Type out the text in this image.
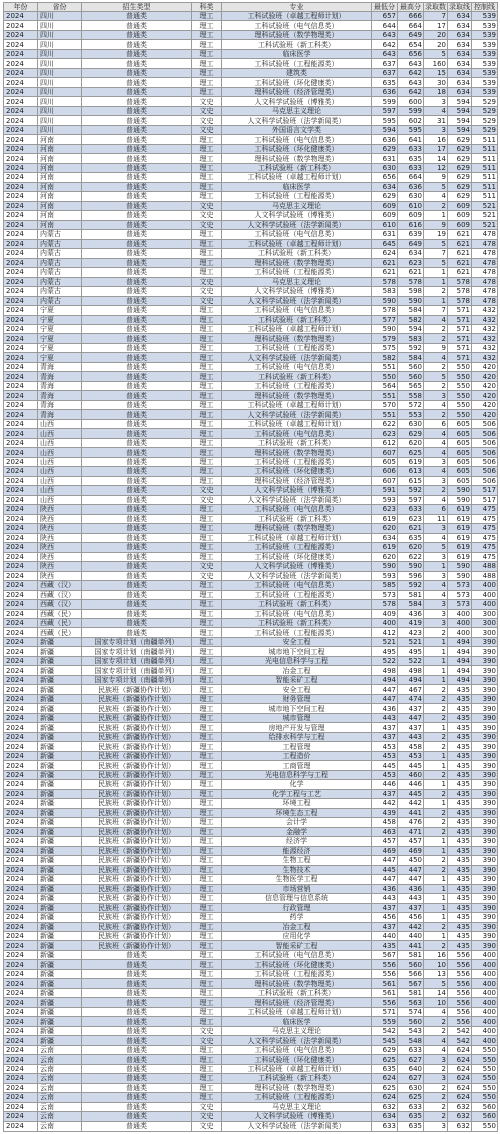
年份	省份	招生类型	科类	专业	最低分	最高分	录取数	录取线	控制线
2024	四川	普通类	理工	工科试验班（卓越工程师计划）	657	666	7	634	539
2024	四川	普通类	理工	工科试验班（电气信息类）	644	664	17	634	539
2024	四川	普通类	理工	理科试验班（数学物理类）	643	649	20	634	539
2024	四川	普通类	理工	工科试验班（新工科类）	642	654	20	634	539
2024	四川	普通类	理工	临床医学	643	656	5	634	539
2024	四川	普通类	理工	工科试验班（工程能源类）	637	643	160	634	539
2024	四川	普通类	理工	建筑类	637	642	15	634	539
2024	四川	普通类	理工	工科试验班（环化健康类）	635	643	30	634	539
2024	四川	普通类	理工	理科试验班（经济管理类）	636	642	18	634	539
2024	四川	普通类	文史	人文科学试验班（博雅类）	599	600	3	594	529
2024	四川	普通类	文史	马克思主义理论	597	599	4	594	529
2024	四川	普通类	文史	人文科学试验班（法学新闻类）	595	602	31	594	529
2024	四川	普通类	文史	外国语言文学类	594	595	3	594	529
2024	河南	普通类	理工	工科试验班（电气信息类）	636	641	16	629	511
2024	河南	普通类	理工	工科试验班（环化健康类）	629	633	17	629	511
2024	河南	普通类	理工	理科试验班（数学物理类）	631	635	14	629	511
2024	河南	普通类	理工	工科试验班（新工科类）	630	633	12	629	511
2024	河南	普通类	理工	工科试验班（卓越工程师计划）	656	664	9	629	511
2024	河南	普通类	理工	临床医学	634	636	5	629	511
2024	河南	普通类	理工	工科试验班（工程能源类）	629	630	4	629	511
2024	河南	普通类	文史	马克思主义理论	609	610	2	609	521
2024	河南	普通类	文史	人文科学试验班（博雅类）	609	609	1	609	521
2024	河南	普通类	文史	人文科学试验班（法学新闻类）	610	616	9	609	521
2024	内蒙古	普通类	理工	工科试验班（电气信息类）	631	639	19	621	478
2024	内蒙古	普通类	理工	工科试验班（卓越工程师计划）	645	649	5	621	478
2024	内蒙古	普通类	理工	工科试验班（新工科类）	624	634	7	621	478
2024	内蒙古	普通类	理工	理科试验班（数学物理类）	621	623	5	621	478
2024	内蒙古	普通类	理工	工科试验班（工程能源类）	621	621	1	621	478
2024	内蒙古	普通类	文史	马克思主义理论	578	578	1	578	478
2024	内蒙古	普通类	文史	人文科学试验班（博雅类）	583	598	2	578	478
2024	内蒙古	普通类	文史	人文科学试验班（法学新闻类）	590	590	1	578	478
2024	宁夏	普通类	理工	工科试验班（电气信息类）	578	584	7	571	432
2024	宁夏	普通类	理工	工科试验班（新工科类）	577	582	4	571	432
2024	宁夏	普通类	理工	工科试验班（卓越工程师计划）	590	594	2	571	432
2024	宁夏	普通类	理工	理科试验班（数学物理类）	579	583	2	571	432
2024	宁夏	普通类	理工	工科试验班（工程能源类）	575	592	9	571	432
2024	宁夏	普通类	理工	人文科学试验班（法学新闻类）	582	584	4	571	432
2024	青海	普通类	理工	工科试验班（电气信息类）	551	560	2	550	420
2024	青海	普通类	理工	工科试验班（新工科类）	550	560	5	550	420
2024	青海	普通类	理工	工科试验班（工程能源类）	564	565	2	550	420
2024	青海	普通类	理工	理科试验班（数学物理类）	551	558	3	550	420
2024	青海	普通类	理工	工科试验班（卓越工程师计划）	570	572	4	550	420
2024	青海	普通类	理工	人文科学试验班（法学新闻类）	551	553	2	550	420
2024	山西	普通类	理工	工科试验班（卓越工程师计划）	622	630	6	605	506
2024	山西	普通类	理工	工科试验班（电气信息类）	623	629	4	605	506
2024	山西	普通类	理工	工科试验班（新工科类）	612	620	4	605	506
2024	山西	普通类	理工	理科试验班（数学物理类）	607	625	4	605	506
2024	山西	普通类	理工	工科试验班（工程能源类）	605	619	3	605	506
2024	山西	普通类	理工	工科试验班（环化健康类）	606	613	4	605	506
2024	山西	普通类	理工	理科试验班（经济管理类）	607	615	3	605	506
2024	山西	普通类	文史	人文科学试验班（博雅类）	591	592	2	590	517
2024	山西	普通类	文史	人文科学试验班（法学新闻类）	593	597	4	590	517
2024	陕西	普通类	理工	工科试验班（电气信息类）	623	633	6	619	475
2024	陕西	普通类	理工	工科试验班（新工科类）	619	623	11	619	475
2024	陕西	普通类	理工	理科试验班（数学物理类）	620	621	3	619	475
2024	陕西	普通类	理工	工科试验班（卓越工程师计划）	634	635	4	619	475
2024	陕西	普通类	理工	工科试验班（工程能源类）	619	620	5	619	475
2024	陕西	普通类	理工	工科试验班（环化健康类）	620	622	3	619	475
2024	陕西	普通类	文史	人文科学试验班（博雅类）	590	590	1	590	488
2024	陕西	普通类	文史	人文科学试验班（法学新闻类）	593	596	3	590	488
2024	西藏（汉）	普通类	理工	工科试验班（电气信息类）	585	592	4	573	400
2024	西藏（汉）	普通类	理工	工科试验班（工程能源类）	573	581	4	573	400
2024	西藏（汉）	普通类	理工	工科试验班（新工科类）	578	584	3	573	400
2024	西藏（民）	普通类	理工	工科试验班（电气信息类）	409	436	3	400	300
2024	西藏（民）	普通类	理工	工科试验班（新工科类）	400	419	3	400	300
2024	西藏（民）	普通类	理工	工科试验班（工程能源类）	412	423	2	400	300
2024	新疆	国家专项计划（南疆单列）	理工	安全工程	521	521	1	494	390
2024	新疆	国家专项计划（南疆单列）	理工	城市地下空间工程	495	495	1	494	390
2024	新疆	国家专项计划（南疆单列）	理工	光电信息科学与工程	522	522	1	494	390
2024	新疆	国家专项计划（南疆单列）	理工	冶金工程	498	498	1	494	390
2024	新疆	国家专项计划（南疆单列）	理工	智能采矿工程	494	494	1	494	390
2024	新疆	民族班（新疆协作计划）	理工	安全工程	447	467	2	435	390
2024	新疆	民族班（新疆协作计划）	理工	财务管理	447	474	2	435	390
2024	新疆	民族班（新疆协作计划）	理工	城市地下空间工程	436	437	2	435	390
2024	新疆	民族班（新疆协作计划）	理工	城市管理	443	447	2	435	390
2024	新疆	民族班（新疆协作计划）	理工	房地产开发与管理	437	437	1	435	390
2024	新疆	民族班（新疆协作计划）	理工	给排水科学与工程	437	443	2	435	390
2024	新疆	民族班（新疆协作计划）	理工	工程管理	453	458	2	435	390
2024	新疆	民族班（新疆协作计划）	理工	工程造价	453	453	1	435	390
2024	新疆	民族班（新疆协作计划）	理工	工商管理	445	445	1	435	390
2024	新疆	民族班（新疆协作计划）	理工	光电信息科学与工程	453	460	2	435	390
2024	新疆	民族班（新疆协作计划）	理工	化学	446	446	1	435	390
2024	新疆	民族班（新疆协作计划）	理工	化学工程与工艺	437	445	2	435	390
2024	新疆	民族班（新疆协作计划）	理工	环境工程	442	442	1	435	390
2024	新疆	民族班（新疆协作计划）	理工	环境生态工程	439	441	2	435	390
2024	新疆	民族班（新疆协作计划）	理工	会计学	458	476	2	435	390
2024	新疆	民族班（新疆协作计划）	理工	金融学	463	471	2	435	390
2024	新疆	民族班（新疆协作计划）	理工	经济学	457	457	1	435	390
2024	新疆	民族班（新疆协作计划）	理工	能源经济	469	469	1	435	390
2024	新疆	民族班（新疆协作计划）	理工	生物工程	447	450	2	435	390
2024	新疆	民族班（新疆协作计划）	理工	生物技术	445	447	2	435	390
2024	新疆	民族班（新疆协作计划）	理工	生物医学工程	447	447	1	435	390
2024	新疆	民族班（新疆协作计划）	理工	市场营销	436	436	1	435	390
2024	新疆	民族班（新疆协作计划）	理工	信息管理与信息系统	443	443	1	435	390
2024	新疆	民族班（新疆协作计划）	理工	行政管理	437	437	1	435	390
2024	新疆	民族班（新疆协作计划）	理工	药学	456	456	1	435	390
2024	新疆	民族班（新疆协作计划）	理工	冶金工程	437	442	2	435	390
2024	新疆	民族班（新疆协作计划）	理工	应用化学	440	440	1	435	390
2024	新疆	民族班（新疆协作计划）	理工	智能采矿工程	435	441	2	435	390
2024	新疆	普通类	理工	工科试验班（电气信息类）	567	581	16	556	400
2024	新疆	普通类	理工	工科试验班（环化健康类）	556	560	10	556	400
2024	新疆	普通类	理工	工科试验班（工程能源类）	556	566	13	556	400
2024	新疆	普通类	理工	理科试验班（数学物理类）	561	567	5	556	400
2024	新疆	普通类	理工	工科试验班（新工科类）	561	581	14	556	400
2024	新疆	普通类	理工	理科试验班（经济管理类）	556	563	10	556	400
2024	新疆	普通类	理工	工科试验班（卓越工程师计划）	571	574	4	556	400
2024	新疆	普通类	理工	临床医学	559	560	2	556	400
2024	新疆	普通类	文史	马克思主义理论	542	543	2	542	400
2024	新疆	普通类	文史	人文科学试验班（法学新闻类）	545	548	4	542	400
2024	云南	普通类	理工	工科试验班（电气信息类）	629	633	4	624	550
2024	云南	普通类	理工	工科试验班（环化健康类）	625	627	3	624	550
2024	云南	普通类	理工	工科试验班（卓越工程师计划）	635	640	2	624	550
2024	云南	普通类	理工	工科试验班（新工科类）	624	627	3	624	550
2024	云南	普通类	理工	理科试验班（数学物理类）	625	630	2	624	550
2024	云南	普通类	理工	工科试验班（工程能源类）	624	625	2	624	550
2024	云南	普通类	文史	马克思主义理论	632	633	2	632	560
2024	云南	普通类	文史	人文科学试验班（博雅类）	634	635	2	632	560
2024	云南	普通类	文史	人文科学试验班（法学新闻类）	633	635	3	632	550
